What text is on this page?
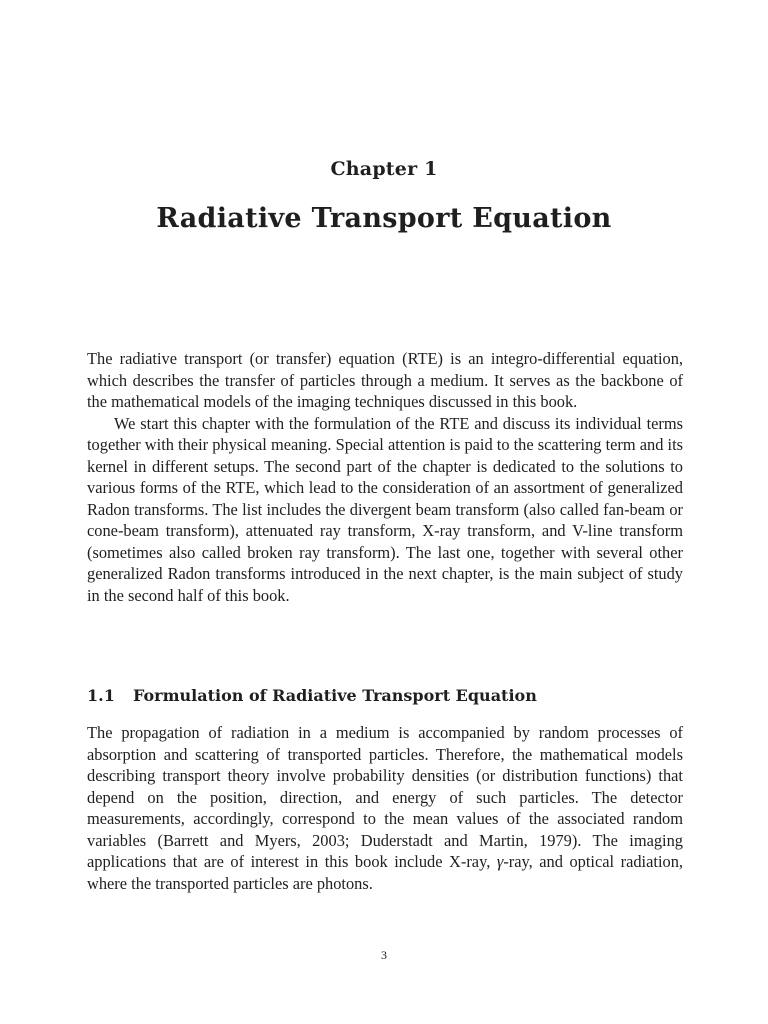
Chapter 1
Radiative Transport Equation

The radiative transport (or transfer) equation (RTE) is an integro-differential equation, which describes the transfer of particles through a medium. It serves as the backbone of the mathematical models of the imaging techniques discussed in this book.

We start this chapter with the formulation of the RTE and discuss its individual terms together with their physical meaning. Special attention is paid to the scattering term and its kernel in different setups. The second part of the chapter is dedicated to the solutions to various forms of the RTE, which lead to the consideration of an assortment of generalized Radon transforms. The list includes the divergent beam transform (also called fan-beam or cone-beam transform), attenuated ray transform, X-ray transform, and V-line transform (sometimes also called broken ray transform). The last one, together with several other generalized Radon transforms introduced in the next chapter, is the main subject of study in the second half of this book.

1.1 Formulation of Radiative Transport Equation

The propagation of radiation in a medium is accompanied by random processes of absorption and scattering of transported particles. Therefore, the mathematical models describing transport theory involve probability densities (or distribution functions) that depend on the position, direction, and energy of such particles. The detector measurements, accordingly, correspond to the mean values of the associated random variables (Barrett and Myers, 2003; Duderstadt and Martin, 1979). The imaging applications that are of interest in this book include X-ray, γ-ray, and optical radiation, where the transported particles are photons.

3
